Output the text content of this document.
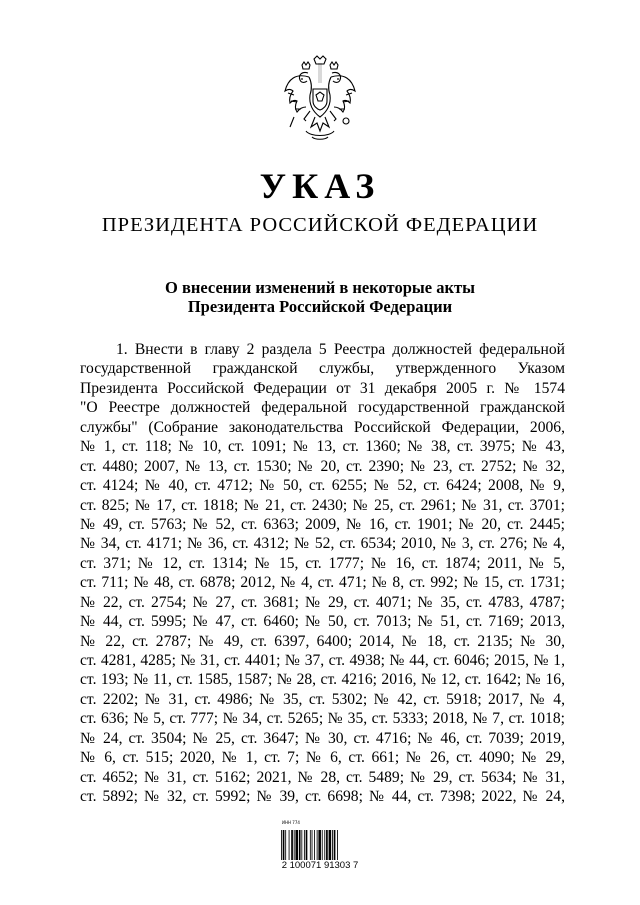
УКАЗ
ПРЕЗИДЕНТА РОССИЙСКОЙ ФЕДЕРАЦИИ
О внесении изменений в некоторые акты
Президента Российской Федерации
1. Внести в главу 2 раздела 5 Реестра должностей федеральной
государственной гражданской службы, утвержденного Указом
Президента Российской Федерации от 31 декабря 2005 г. № 1574
"О Реестре должностей федеральной государственной гражданской
службы" (Собрание законодательства Российской Федерации, 2006,
№ 1, ст. 118; № 10, ст. 1091; № 13, ст. 1360; № 38, ст. 3975; № 43,
ст. 4480; 2007, № 13, ст. 1530; № 20, ст. 2390; № 23, ст. 2752; № 32,
ст. 4124; № 40, ст. 4712; № 50, ст. 6255; № 52, ст. 6424; 2008, № 9,
ст. 825; № 17, ст. 1818; № 21, ст. 2430; № 25, ст. 2961; № 31, ст. 3701;
№ 49, ст. 5763; № 52, ст. 6363; 2009, № 16, ст. 1901; № 20, ст. 2445;
№ 34, ст. 4171; № 36, ст. 4312; № 52, ст. 6534; 2010, № 3, ст. 276; № 4,
ст. 371; № 12, ст. 1314; № 15, ст. 1777; № 16, ст. 1874; 2011, № 5,
ст. 711; № 48, ст. 6878; 2012, № 4, ст. 471; № 8, ст. 992; № 15, ст. 1731;
№ 22, ст. 2754; № 27, ст. 3681; № 29, ст. 4071; № 35, ст. 4783, 4787;
№ 44, ст. 5995; № 47, ст. 6460; № 50, ст. 7013; № 51, ст. 7169; 2013,
№ 22, ст. 2787; № 49, ст. 6397, 6400; 2014, № 18, ст. 2135; № 30,
ст. 4281, 4285; № 31, ст. 4401; № 37, ст. 4938; № 44, ст. 6046; 2015, № 1,
ст. 193; № 11, ст. 1585, 1587; № 28, ст. 4216; 2016, № 12, ст. 1642; № 16,
ст. 2202; № 31, ст. 4986; № 35, ст. 5302; № 42, ст. 5918; 2017, № 4,
ст. 636; № 5, ст. 777; № 34, ст. 5265; № 35, ст. 5333; 2018, № 7, ст. 1018;
№ 24, ст. 3504; № 25, ст. 3647; № 30, ст. 4716; № 46, ст. 7039; 2019,
№ 6, ст. 515; 2020, № 1, ст. 7; № 6, ст. 661; № 26, ст. 4090; № 29,
ст. 4652; № 31, ст. 5162; 2021, № 28, ст. 5489; № 29, ст. 5634; № 31,
ст. 5892; № 32, ст. 5992; № 39, ст. 6698; № 44, ст. 7398; 2022, № 24,
ИНН 774
2 100071 91303 7
